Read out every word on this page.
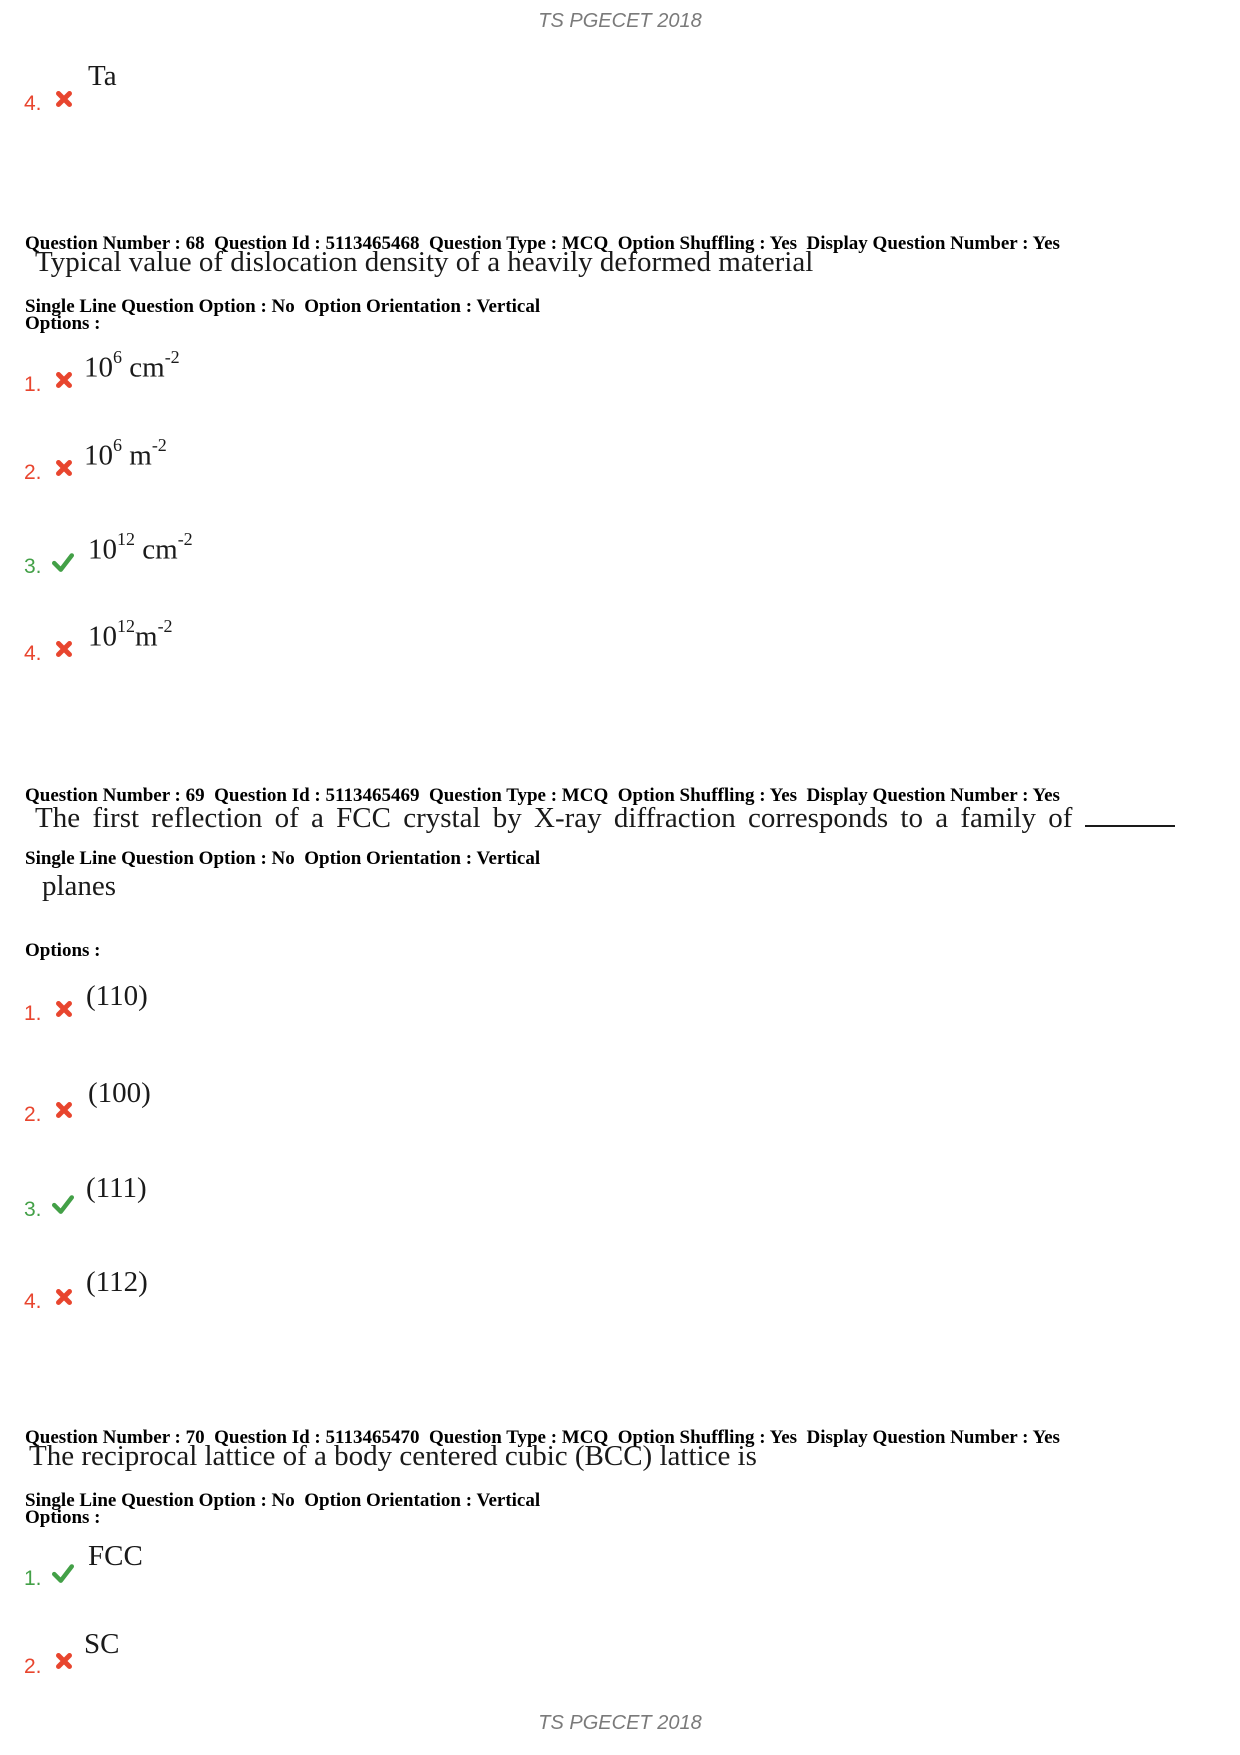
TS PGECET 2018
4.
Ta

Question Number : 68  Question Id : 5113465468  Question Type : MCQ  Option Shuffling : Yes  Display Question Number : Yes

Single Line Question Option : No  Option Orientation : Vertical

Typical value of dislocation density of a heavily deformed material
Options :
1.
$10^6$ $cm^{-2}$
2.
$10^6$ $m^{-2}$
3.
$10^{12}$ $cm^{-2}$
4.
$10^{12}m^{-2}$

Question Number : 69  Question Id : 5113465469  Question Type : MCQ  Option Shuffling : Yes  Display Question Number : Yes

Single Line Question Option : No  Option Orientation : Vertical

The first reflection of a FCC crystal by X-ray diffraction corresponds to a family of
planes
Options :
1.
(110)
2.
(100)
3.
(111)
4.
(112)

Question Number : 70  Question Id : 5113465470  Question Type : MCQ  Option Shuffling : Yes  Display Question Number : Yes

Single Line Question Option : No  Option Orientation : Vertical

The reciprocal lattice of a body centered cubic (BCC) lattice is
Options :
1.
FCC
2.
SC
TS PGECET 2018
